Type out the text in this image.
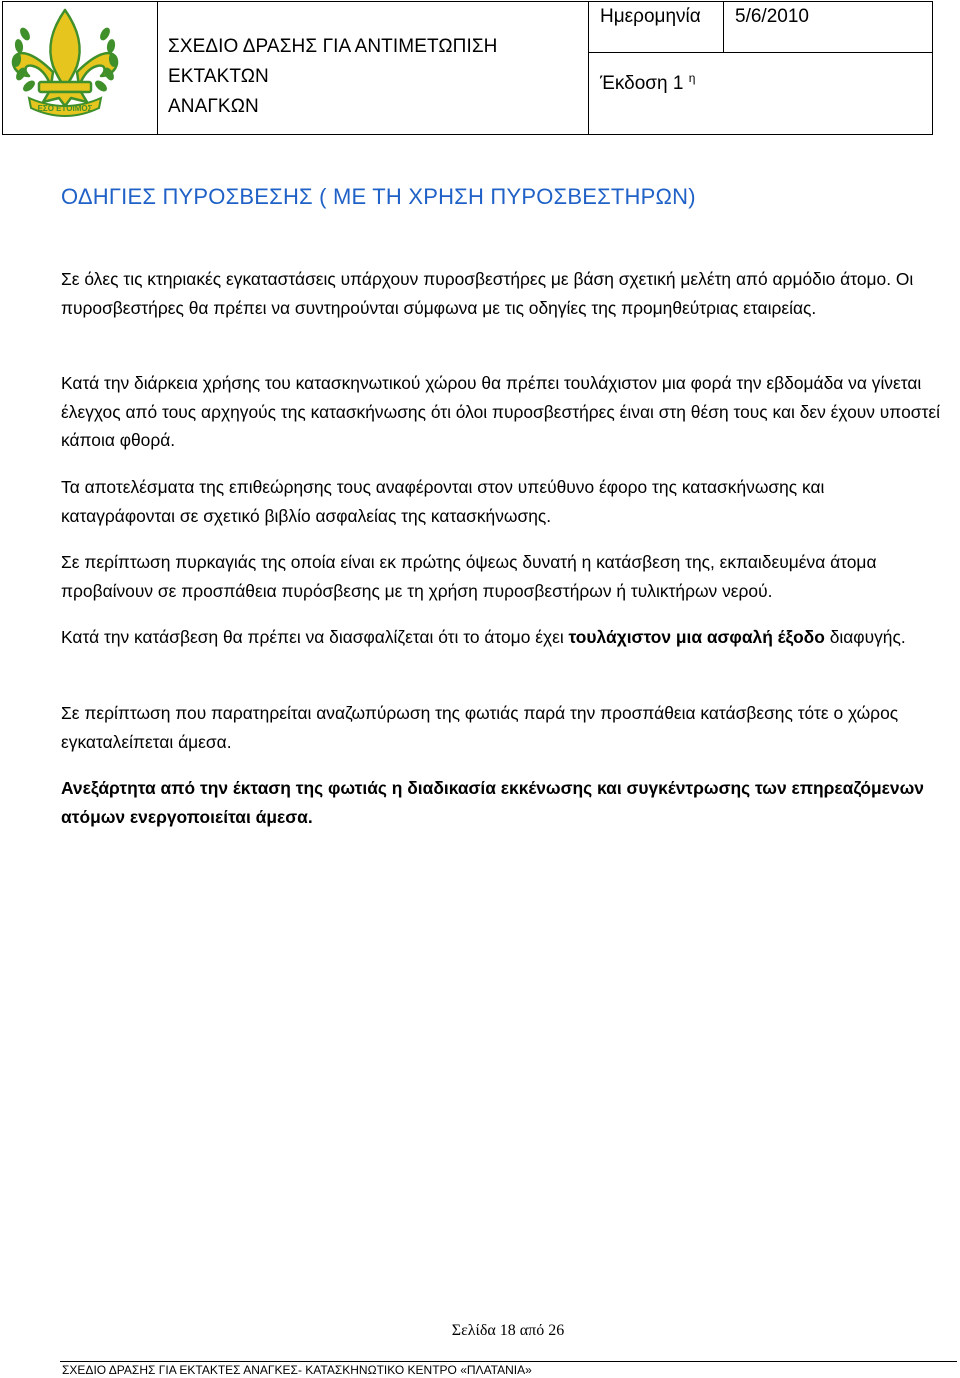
ΕΣΟ ΕΤΟΙΜΟΣ
ΣΧΕΔΙΟ ΔΡΑΣΗΣ ΓΙΑ ΑΝΤΙΜΕΤΩΠΙΣΗ ΕΚΤΑΚΤΩΝ
ΑΝΑΓΚΩΝ
Ημερομηνία 5/6/2010
Έκδοση 1 $^\eta$
ΟΔΗΓΙΕΣ ΠΥΡΟΣΒΕΣΗΣ ( ΜΕ ΤΗ ΧΡΗΣΗ ΠΥΡΟΣΒΕΣΤΗΡΩΝ)

Σε όλες τις κτηριακές εγκαταστάσεις υπάρχουν πυροσβεστήρες με βάση σχετική μελέτη από αρμόδιο άτομο. Οι πυροσβεστήρες θα πρέπει να συντηρούνται σύμφωνα με τις οδηγίες της προμηθεύτριας εταιρείας.

Κατά την διάρκεια χρήσης του κατασκηνωτικού χώρου θα πρέπει τουλάχιστον μια φορά την εβδομάδα να γίνεται έλεγχος από τους αρχηγούς της κατασκήνωσης ότι όλοι πυροσβεστήρες έιναι στη θέση τους και δεν έχουν υποστεί κάποια φθορά.

Τα αποτελέσματα της επιθεώρησης τους αναφέρονται στον υπεύθυνο έφορο της κατασκήνωσης και καταγράφονται σε σχετικό βιβλίο ασφαλείας της κατασκήνωσης.

Σε περίπτωση πυρκαγιάς της οποία είναι εκ πρώτης όψεως δυνατή η κατάσβεση της, εκπαιδευμένα άτομα προβαίνουν σε προσπάθεια πυρόσβεσης με τη χρήση πυροσβεστήρων ή τυλικτήρων νερού.

Κατά την κατάσβεση θα πρέπει να διασφαλίζεται ότι το άτομο έχει τουλάχιστον μια ασφαλή έξοδο διαφυγής.

Σε περίπτωση που παρατηρείται αναζωπύρωση της φωτιάς παρά την προσπάθεια κατάσβεσης τότε ο χώρος εγκαταλείπεται άμεσα.

Ανεξάρτητα από την έκταση της φωτιάς η διαδικασία εκκένωσης και συγκέντρωσης των επηρεαζόμενων ατόμων ενεργοποιείται άμεσα.

Σελίδα 18 από 26
ΣΧΕΔΙΟ ΔΡΑΣΗΣ ΓΙΑ ΕΚΤΑΚΤΕΣ ΑΝΑΓΚΕΣ- ΚΑΤΑΣΚΗΝΩΤΙΚΟ ΚΕΝΤΡΟ «ΠΛΑΤΑΝΙΑ»
